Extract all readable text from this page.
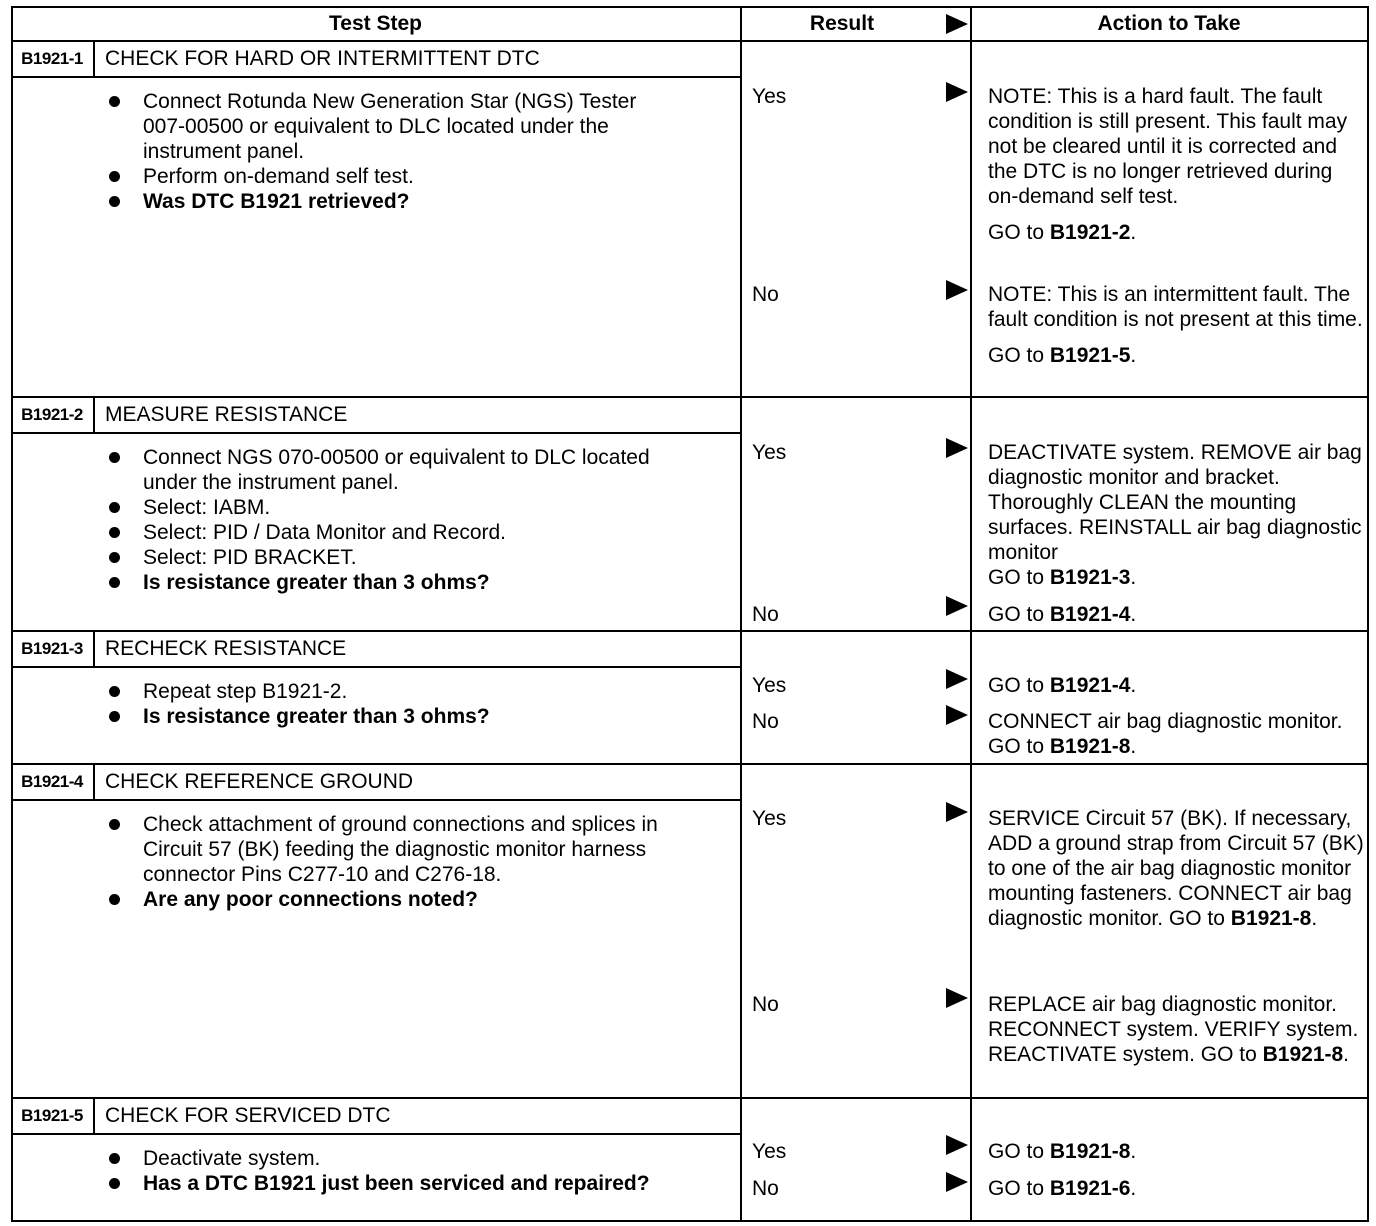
Test Step	Result	Action to Take
B1921-1	CHECK FOR HARD OR INTERMITTENT DTC
Connect Rotunda New Generation Star (NGS) Tester 007-00500 or equivalent to DLC located under the instrument panel.
Perform on-demand self test.
Was DTC B1921 retrieved?
Yes	NOTE: This is a hard fault. The fault condition is still present. This fault may not be cleared until it is corrected and the DTC is no longer retrieved during on-demand self test.
GO to B1921-2.
No	NOTE: This is an intermittent fault. The fault condition is not present at this time.
GO to B1921-5.
B1921-2	MEASURE RESISTANCE
Connect NGS 070-00500 or equivalent to DLC located under the instrument panel.
Select: IABM.
Select: PID / Data Monitor and Record.
Select: PID BRACKET.
Is resistance greater than 3 ohms?
Yes	DEACTIVATE system. REMOVE air bag diagnostic monitor and bracket. Thoroughly CLEAN the mounting surfaces. REINSTALL air bag diagnostic monitor
GO to B1921-3.
No	GO to B1921-4.
B1921-3	RECHECK RESISTANCE
Repeat step B1921-2.
Is resistance greater than 3 ohms?
Yes	GO to B1921-4.
No	CONNECT air bag diagnostic monitor. GO to B1921-8.
B1921-4	CHECK REFERENCE GROUND
Check attachment of ground connections and splices in Circuit 57 (BK) feeding the diagnostic monitor harness connector Pins C277-10 and C276-18.
Are any poor connections noted?
Yes	SERVICE Circuit 57 (BK). If necessary, ADD a ground strap from Circuit 57 (BK) to one of the air bag diagnostic monitor mounting fasteners. CONNECT air bag diagnostic monitor. GO to B1921-8.
No	REPLACE air bag diagnostic monitor. RECONNECT system. VERIFY system. REACTIVATE system. GO to B1921-8.
B1921-5	CHECK FOR SERVICED DTC
Deactivate system.
Has a DTC B1921 just been serviced and repaired?
Yes	GO to B1921-8.
No	GO to B1921-6.
